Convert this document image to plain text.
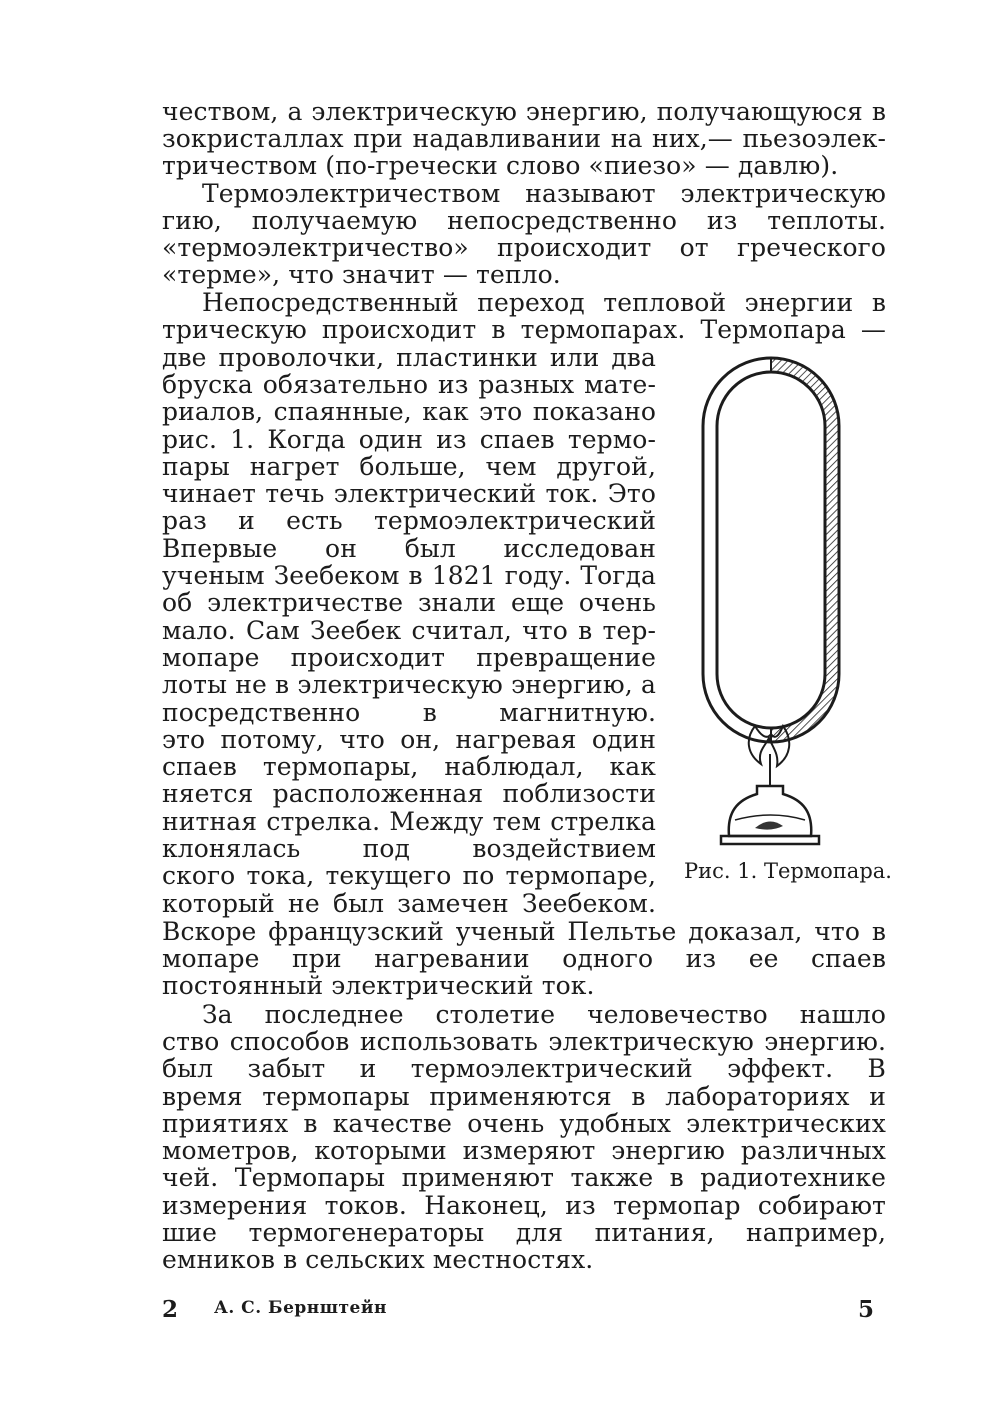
чеством, а электрическую энергию, получающуюся в
зокристаллах при надавливании на них,— пьезоэлек-
тричеством (по-гречески слово «пиезо» — давлю).
Термоэлектричеством называют электрическую
гию, получаемую непосредственно из теплоты.
«термоэлектричество» происходит от греческого
«терме», что значит — тепло.
Непосредственный переход тепловой энергии в
трическую происходит в термопарах. Термопара —
две проволочки, пластинки или два
бруска обязательно из разных мате-
риалов, спаянные, как это показано
рис. 1. Когда один из спаев термо-
пары нагрет больше, чем другой,
чинает течь электрический ток. Это
раз и есть термоэлектрический
Впервые он был исследован
ученым Зеебеком в 1821 году. Тогда
об электричестве знали еще очень
мало. Сам Зеебек считал, что в тер-
мопаре происходит превращение
лоты не в электрическую энергию, а
посредственно в магнитную.
это потому, что он, нагревая один
спаев термопары, наблюдал, как
няется расположенная поблизости
нитная стрелка. Между тем стрелка
клонялась под воздействием
ского тока, текущего по термопаре,
который не был замечен Зеебеком.
Вскоре французский ученый Пельтье доказал, что в
мопаре при нагревании одного из ее спаев
постоянный электрический ток.
За последнее столетие человечество нашло
ство способов использовать электрическую энергию.
был забыт и термоэлектрический эффект. В
время термопары применяются в лабораториях и
приятиях в качестве очень удобных электрических
мометров, которыми измеряют энергию различных
чей. Термопары применяют также в радиотехнике
измерения токов. Наконец, из термопар собирают
шие термогенераторы для питания, например,
емников в сельских местностях.
Рис. 1. Термопара.
2 А. С. Бернштейн	5
